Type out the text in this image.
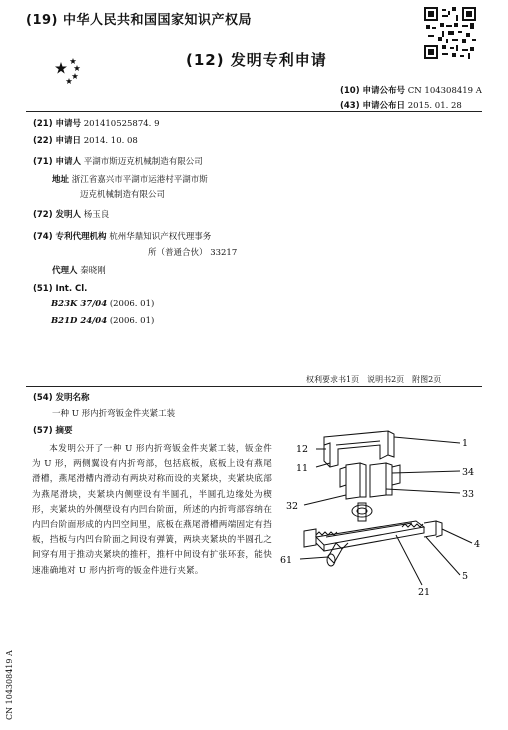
(19) 中华人民共和国国家知识产权局
(12) 发明专利申请
(10) 申请公布号 CN 104308419 A
(43) 申请公布日 2015. 01. 28
(21) 申请号 201410525874. 9
(22) 申请日 2014. 10. 08
(71) 申请人 平湖市斯迈克机械制造有限公司
地址 浙江省嘉兴市平湖市运港村平湖市斯
迈克机械制造有限公司
(72) 发明人 杨玉良
(74) 专利代理机构 杭州华鼎知识产权代理事务
所（普通合伙） 33217
代理人 秦晓刚
(51) Int. Cl.
B23K 37/04 (2006. 01)
B21D 24/04 (2006. 01)
权利要求书1页　说明书2页　附图2页
(54) 发明名称
一种 U 形内折弯钣金件夹紧工装
(57) 摘要
本发明公开了一种 U 形内折弯钣金件夹紧工装，钣金件为 U 形，两侧翼设有内折弯部，包括底板，底板上设有燕尾滑槽，燕尾滑槽内滑动有两块对称而设的夹紧块，夹紧块底部为燕尾滑块，夹紧块内侧壁设有半圆孔，半圆孔边缘处为楔形，夹紧块的外侧壁设有内凹台阶面，所述的内折弯部容纳在内凹台阶面形成的内凹空间里，底板在燕尾滑槽两端固定有挡板，挡板与内凹台阶面之间设有弹簧，两块夹紧块的半圆孔之间穿有用于推动夹紧块的推杆，推杆中间设有扩张环套，能快速准确地对 U 形内折弯的钣金件进行夹紧。
12
1
11	34
32
33
4
61
5
21
CN 104308419 A
